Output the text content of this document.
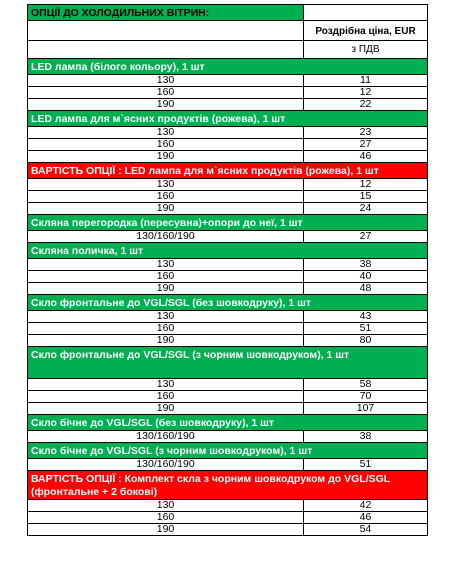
ОПЦІЇ ДО ХОЛОДИЛЬНИХ ВІТРИН:
Роздрібна ціна, EUR
з ПДВ
LED лампа (білого кольору), 1 шт
130	11
160	12
190	22
LED лампа для м`ясних продуктів (рожева), 1 шт
130	23
160	27
190	46
ВАРТІСТЬ ОПЦІЇ : LED лампа для м`ясних продуктів (рожева), 1 шт
130	12
160	15
190	24
Скляна перегородка (пересувна)+опори до неї, 1 шт
130/160/190	27
Скляна поличка, 1 шт
130	38
160	40
190	48
Скло фронтальне до VGL/SGL (без шовкодруку), 1 шт
130	43
160	51
190	80
Скло фронтальне до VGL/SGL (з чорним шовкодруком), 1 шт
130	58
160	70
190	107
Скло бічне до VGL/SGL (без шовкодруку), 1 шт
130/160/190	38
Скло бічне до VGL/SGL (з чорним шовкодруком), 1 шт
130/160/190	51
ВАРТІСТЬ ОПЦІЇ : Комплект скла з чорним шовкодруком до VGL/SGL (фронтальне + 2 бокові)
130	42
160	46
190	54
